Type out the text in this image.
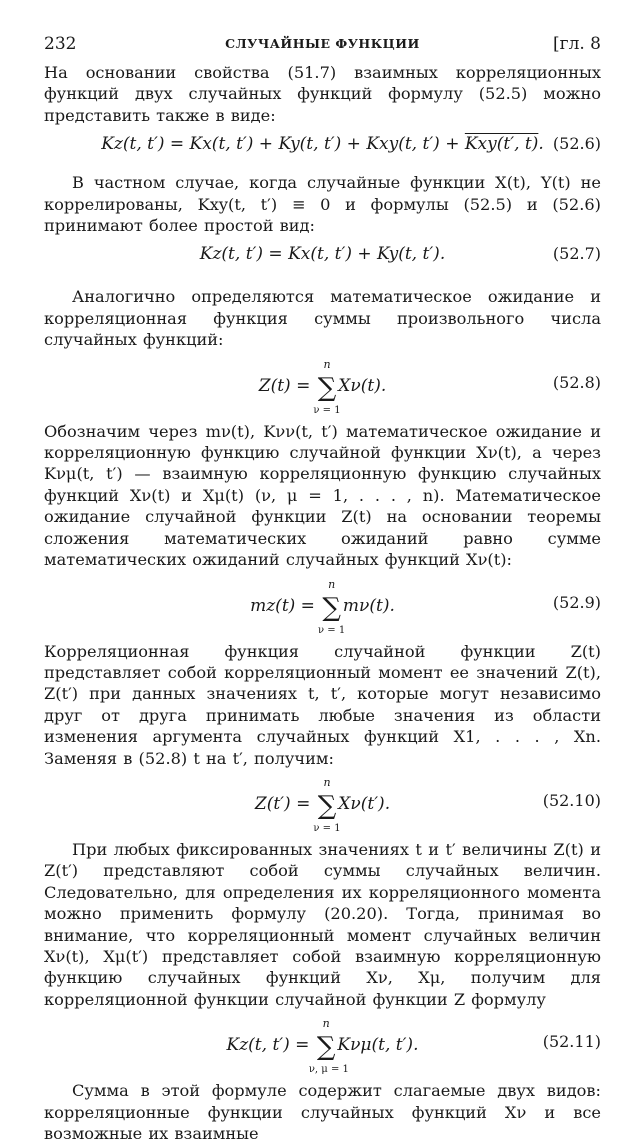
232	СЛУЧАЙНЫЕ ФУНКЦИИ	[гл. 8

На основании свойства (51.7) взаимных корреляционных функций двух случайных функций формулу (52.5) можно представить также в виде:

Kz(t, t′) = Kx(t, t′) + Ky(t, t′) + Kxy(t, t′) + Kxy(t′, t). (52.6)

В частном случае, когда случайные функции X(t), Y(t) не коррелированы, Kxy(t, t′) ≡ 0 и формулы (52.5) и (52.6) принимают более простой вид:

Kz(t, t′) = Kx(t, t′) + Ky(t, t′).	(52.7)

Аналогично определяются математическое ожидание и корреляционная функция суммы произвольного числа случайных функций:

Z(t) = ∑
n
ν = 1
Xν(t).	(52.8)

Обозначим через mν(t), Kνν(t, t′) математическое ожидание и корреляционную функцию случайной функции Xν(t), а через Kνμ(t, t′) — взаимную корреляционную функцию случайных функций Xν(t) и Xμ(t) (ν, μ = 1, . . . , n). Математическое ожидание случайной функции Z(t) на основании теоремы сложения математических ожиданий равно сумме математических ожиданий случайных функций Xν(t):

mz(t) = ∑
n
ν = 1
mν(t).	(52.9)

Корреляционная функция случайной функции Z(t) представляет собой корреляционный момент ее значений Z(t), Z(t′) при данных значениях t, t′, которые могут независимо друг от друга принимать любые значения из области изменения аргумента случайных функций X1, . . . , Xn. Заменяя в (52.8) t на t′, получим:

Z(t′) = ∑
n
ν = 1
Xν(t′).	(52.10)

При любых фиксированных значениях t и t′ величины Z(t) и Z(t′) представляют собой суммы случайных величин. Следовательно, для определения их корреляционного момента можно применить формулу (20.20). Тогда, принимая во внимание, что корреляционный момент случайных величин Xν(t), Xμ(t′) представляет собой взаимную корреляционную функцию случайных функций Xν, Xμ, получим для корреляционной функции случайной функции Z формулу

Kz(t, t′) = ∑
n
ν, μ = 1
Kνμ(t, t′).	(52.11)

Сумма в этой формуле содержит слагаемые двух видов: корреляционные функции случайных функций Xν и все возможные их взаимные
